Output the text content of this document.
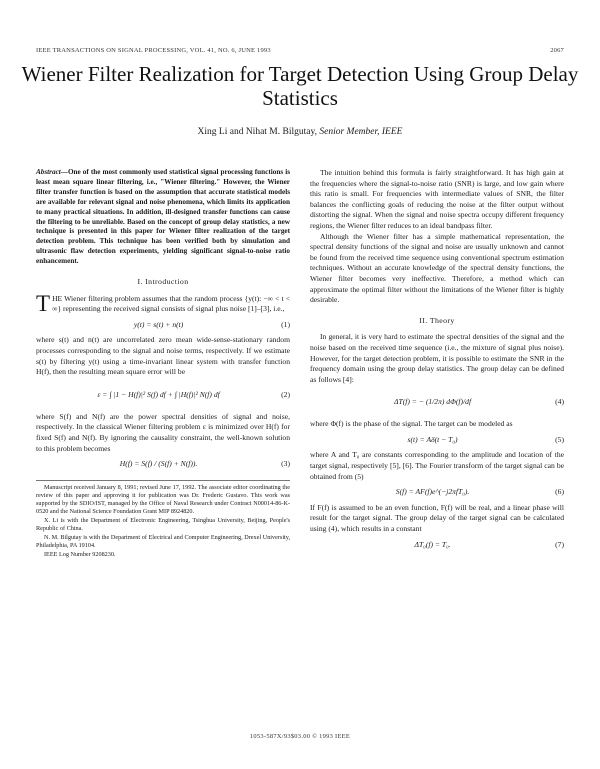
IEEE TRANSACTIONS ON SIGNAL PROCESSING, VOL. 41, NO. 6, JUNE 1993	2067
Wiener Filter Realization for Target Detection Using Group Delay Statistics
Xing Li and Nihat M. Bilgutay, Senior Member, IEEE

Abstract—One of the most commonly used statistical signal processing functions is least mean square linear filtering, i.e., "Wiener filtering." However, the Wiener filter transfer function is based on the assumption that accurate statistical models are available for relevant signal and noise phenomena, which limits its application to many practical situations. In addition, ill-designed transfer functions can cause the filtering to be unreliable. Based on the concept of group delay statistics, a new technique is presented in this paper for Wiener filter realization of the target detection problem. This technique has been verified both by simulation and ultrasonic flaw detection experiments, yielding significant signal-to-noise ratio enhancement.

I. Introduction

THE Wiener filtering problem assumes that the random process {y(t): −∞ < t < ∞} representing the received signal consists of signal plus noise [1]–[3], i.e.,

y(t) = s(t) + n(t)	(1)

where s(t) and n(t) are uncorrelated zero mean wide-sense-stationary random processes corresponding to the signal and noise terms, respectively. If we estimate s(t) by filtering y(t) using a time-invariant linear system with transfer function H(f), then the resulting mean square error will be

ε = ∫ |1 − H(f)|² S(f) df + ∫ |H(f)|² N(f) df	(2)

where S(f) and N(f) are the power spectral densities of signal and noise, respectively. In the classical Wiener filtering problem ε is minimized over H(f) for fixed S(f) and N(f). By ignoring the causality constraint, the well-known solution to this problem becomes

H(f) = S(f) / (S(f) + N(f)).	(3)

Manuscript received January 8, 1991; revised June 17, 1992. The associate editor coordinating the review of this paper and approving it for publication was Dr. Frederic Gustavo. This work was supported by the SDIO/IST, managed by the Office of Naval Research under Contract N00014-86-K-0520 and the National Science Foundation Grant MIP 8924820.

X. Li is with the Department of Electronic Engineering, Tsinghua University, Beijing, People's Republic of China.

N. M. Bilgutay is with the Department of Electrical and Computer Engineering, Drexel University, Philadelphia, PA 19104.

IEEE Log Number 9208230.

The intuition behind this formula is fairly straightforward. It has high gain at the frequencies where the signal-to-noise ratio (SNR) is large, and low gain where this ratio is small. For frequencies with intermediate values of SNR, the filter balances the conflicting goals of reducing the noise at the filter output without distorting the signal. When the signal and noise spectra occupy different frequency regions, the Wiener filter reduces to an ideal bandpass filter.

Although the Wiener filter has a simple mathematical representation, the spectral density functions of the signal and noise are usually unknown and cannot be found from the received time sequence using conventional spectrum estimation techniques. Without an accurate knowledge of the spectral density functions, the Wiener filter becomes very ineffective. Therefore, a method which can approximate the optimal filter without the limitations of the Wiener filter is highly desirable.

II. Theory

In general, it is very hard to estimate the spectral densities of the signal and the noise based on the received time sequence (i.e., the mixture of signal plus noise). However, for the target detection problem, it is possible to estimate the SNR in the frequency domain using the group delay statistics. The group delay can be defined as follows [4]:

ΔT(f) = − (1/2π) dΦ(f)/df	(4)

where Φ(f) is the phase of the signal. The target can be modeled as

s(t) = Aδ(t − T₀)	(5)

where A and T₀ are constants corresponding to the amplitude and location of the target signal, respectively [5], [6]. The Fourier transform of the target signal can be obtained from (5)

S(f) = AF(f)e^(−j2πfT₀).	(6)

If F(f) is assumed to be an even function, F(f) will be real, and a linear phase will result for the target signal. The group delay of the target signal can be calculated using (4), which results in a constant

ΔT₀(f) = T₀.	(7)
1053-587X/93$03.00 © 1993 IEEE
